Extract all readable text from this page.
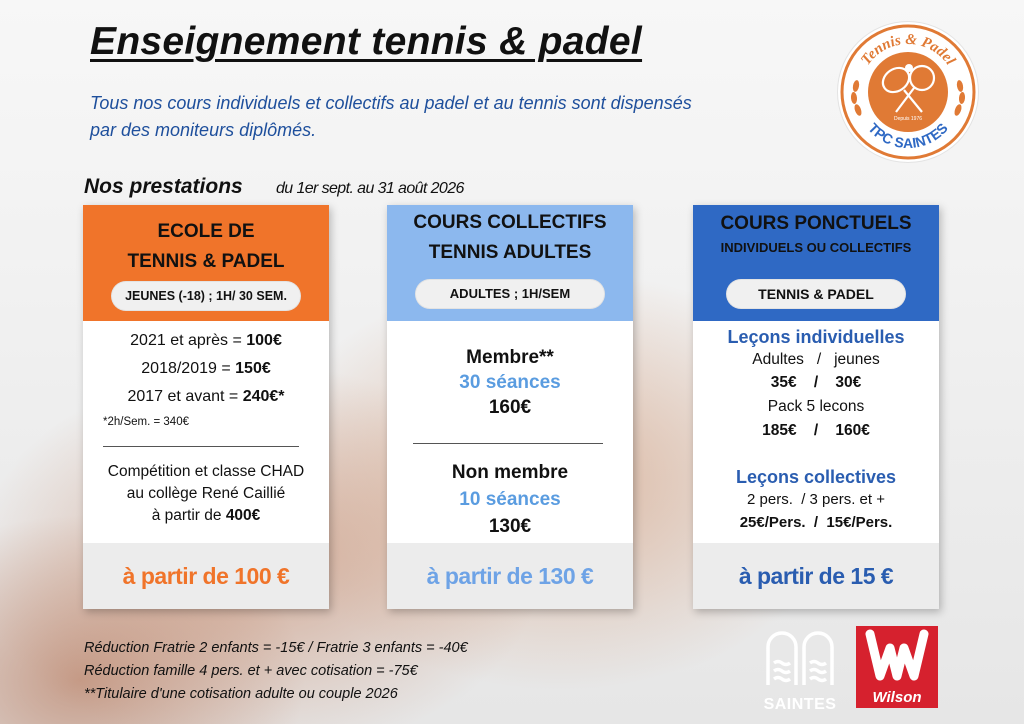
Enseignement tennis & padel
Tous nos cours individuels et collectifs au padel et au tennis sont dispensés
par des moniteurs diplômés.
Tennis & Padel
TPC SAINTES
Depuis 1976
Nos prestations du 1er sept. au 31 août 2026
ECOLE DE
TENNIS & PADEL
JEUNES (-18) ; 1H/ 30 SEM.
2021 et après = 100€
2018/2019 = 150€
2017 et avant = 240€*
*2h/Sem. = 340€
Compétition et classe CHAD
au collège René Caillié
à partir de 400€
à partir de 100 €
COURS COLLECTIFS
TENNIS ADULTES
ADULTES ; 1H/SEM
Membre**
30 séances
160€
Non membre
10 séances
130€
à partir de 130 €
COURS PONCTUELS
INDIVIDUELS OU COLLECTIFS
TENNIS & PADEL
Leçons individuelles
Adultes   /   jeunes
35€    /    30€
Pack 5 lecons
185€    /    160€
Leçons collectives
2 pers.  / 3 pers. et +
25€/Pers.  /  15€/Pers.
à partir de 15 €
Réduction Fratrie 2 enfants = -15€ / Fratrie 3 enfants = -40€
Réduction famille 4 pers. et + avec cotisation = -75€
**Titulaire d'une cotisation adulte ou couple 2026
SAINTES	Wilson
